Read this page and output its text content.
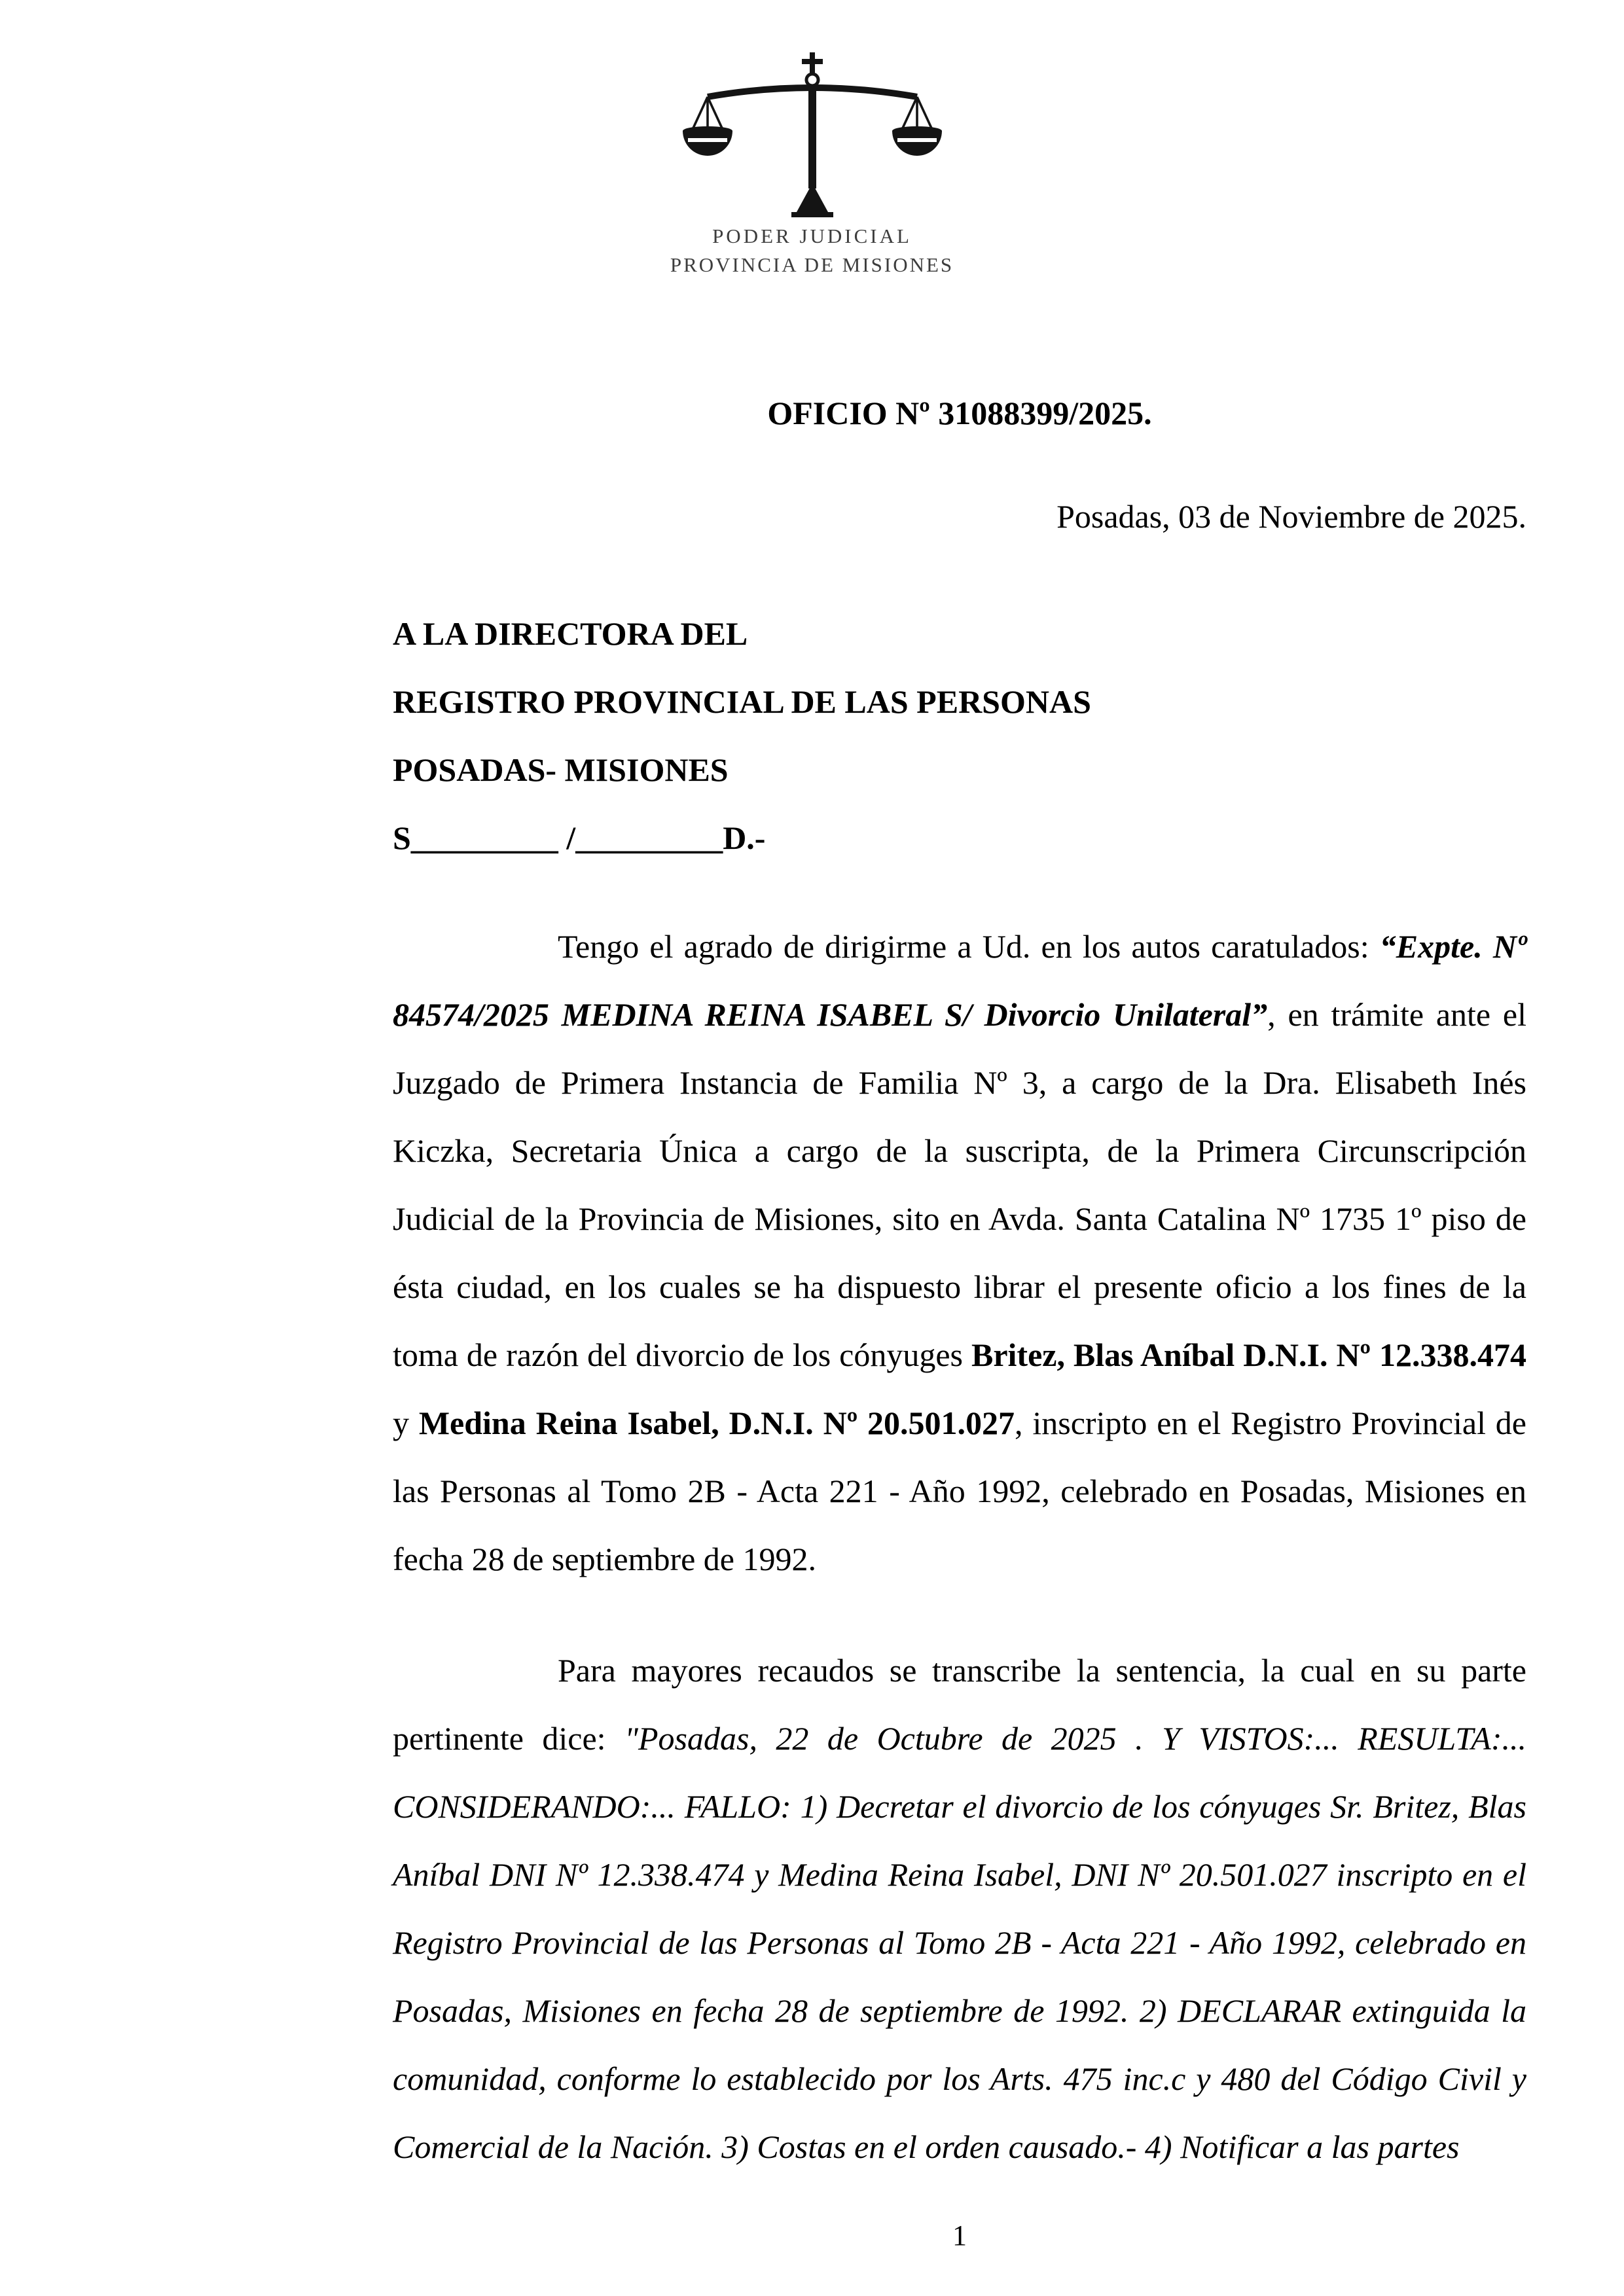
PODER JUDICIAL
PROVINCIA DE MISIONES
OFICIO Nº 31088399/2025.

Posadas, 03 de Noviembre de 2025.

A LA DIRECTORA DEL

REGISTRO PROVINCIAL DE LAS PERSONAS

POSADAS- MISIONES

S_________ /_________D.-

Tengo el agrado de dirigirme a Ud. en los autos caratulados: “Expte. Nº 84574/2025 MEDINA REINA ISABEL S/ Divorcio Unilateral”, en trámite ante el Juzgado de Primera Instancia de Familia Nº 3, a cargo de la Dra. Elisabeth Inés Kiczka, Secretaria Única a cargo de la suscripta, de la Primera Circunscripción Judicial de la Provincia de Misiones, sito en Avda. Santa Catalina Nº 1735 1º piso de ésta ciudad, en los cuales se ha dispuesto librar el presente oficio a los fines de la toma de razón del divorcio de los cónyuges Britez, Blas Aníbal D.N.I. Nº 12.338.474 y Medina Reina Isabel, D.N.I. Nº 20.501.027, inscripto en el Registro Provincial de las Personas al Tomo 2B - Acta 221 - Año 1992, celebrado en Posadas, Misiones en fecha 28 de septiembre de 1992.

Para mayores recaudos se transcribe la sentencia, la cual en su parte pertinente dice: "Posadas, 22 de Octubre de 2025 . Y VISTOS:... RESULTA:... CONSIDERANDO:... FALLO: 1) Decretar el divorcio de los cónyuges Sr. Britez, Blas Aníbal DNI Nº 12.338.474 y Medina Reina Isabel, DNI Nº 20.501.027 inscripto en el Registro Provincial de las Personas al Tomo 2B - Acta 221 - Año 1992, celebrado en Posadas, Misiones en fecha 28 de septiembre de 1992. 2) DECLARAR extinguida la comunidad, conforme lo establecido por los Arts. 475 inc.c y 480 del Código Civil y Comercial de la Nación. 3) Costas en el orden causado.- 4) Notificar a las partes

1
